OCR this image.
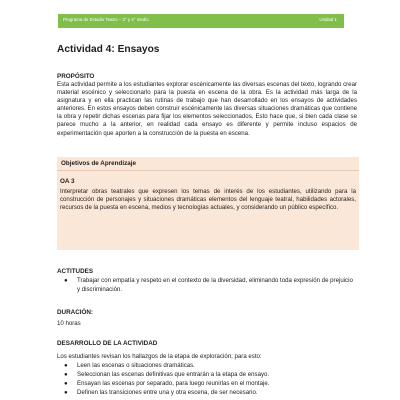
Programa de Estudio Teatro – 3° y 4° medio	Unidad 1
Actividad 4: Ensayos
PROPÓSITO
Esta actividad permite a los estudiantes explorar escénicamente las diversas escenas del texto, logrando crear material escénico y seleccionarlo para la puesta en escena de la obra. Es la actividad más larga de la asignatura y en ella practican las rutinas de trabajo que han desarrollado en los ensayos de actividades anteriores. En estos ensayos deben construir escénicamente las diversas situaciones dramáticas que contiene la obra y repetir dichas escenas para fijar los elementos seleccionados. Esto hace que, si bien cada clase se parece mucho a la anterior, en realidad cada ensayo es diferente y permite incluso espacios de experimentación que aporten a la construcción de la puesta en escena.
Objetivos de Aprendizaje
OA 3
Interpretar obras teatrales que expresen los temas de interés de los estudiantes, utilizando para la construcción de personajes y situaciones dramáticas elementos del lenguaje teatral, habilidades actorales, recursos de la puesta en escena, medios y tecnologías actuales, y considerando un público específico.
ACTITUDES
● Trabajar con empatía y respeto en el contexto de la diversidad, eliminando toda expresión de prejuicio y discriminación.
DURACIÓN:
10 horas
DESARROLLO DE LA ACTIVIDAD
Los estudiantes revisan los hallazgos de la etapa de exploración; para esto:
● Leen las escenas o situaciones dramáticas.
● Seleccionan las escenas definitivas que entrarán a la etapa de ensayo.
● Ensayan las escenas por separado, para luego reunirlas en el montaje.
● Definen las transiciones entre una y otra escena, de ser necesario.
